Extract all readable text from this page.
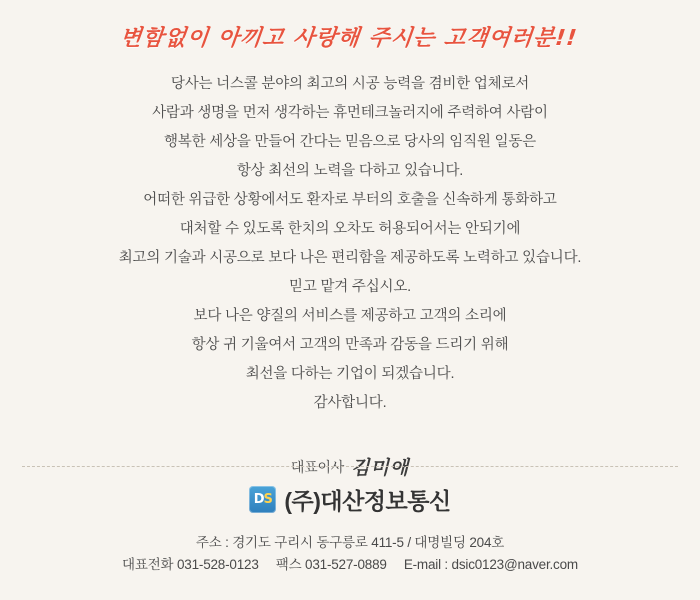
변함없이 아끼고 사랑해 주시는 고객여러분!!

당사는 너스콜 분야의 최고의 시공 능력을 겸비한 업체로서

사람과 생명을 먼저 생각하는 휴먼테크놀러지에 주력하여 사람이

행복한 세상을 만들어 간다는 믿음으로 당사의 임직원 일동은

항상 최선의 노력을 다하고 있습니다.

어떠한 위급한 상황에서도 환자로 부터의 호출을 신속하게 통화하고

대처할 수 있도록 한치의 오차도 허용되어서는 안되기에

최고의 기술과 시공으로 보다 나은 편리함을 제공하도록 노력하고 있습니다.

믿고 맡겨 주십시오.

보다 나은 양질의 서비스를 제공하고 고객의 소리에

항상 귀 기울여서 고객의 만족과 감동을 드리기 위해

최선을 다하는 기업이 되겠습니다.

감사합니다.

대표이사 김미애
DS (주)대산정보통신
주소 : 경기도 구리시 동구릉로 411-5 / 대명빌딩 204호
대표전화 031-528-0123 팩스 031-527-0889 E-mail : dsic0123@naver.com
